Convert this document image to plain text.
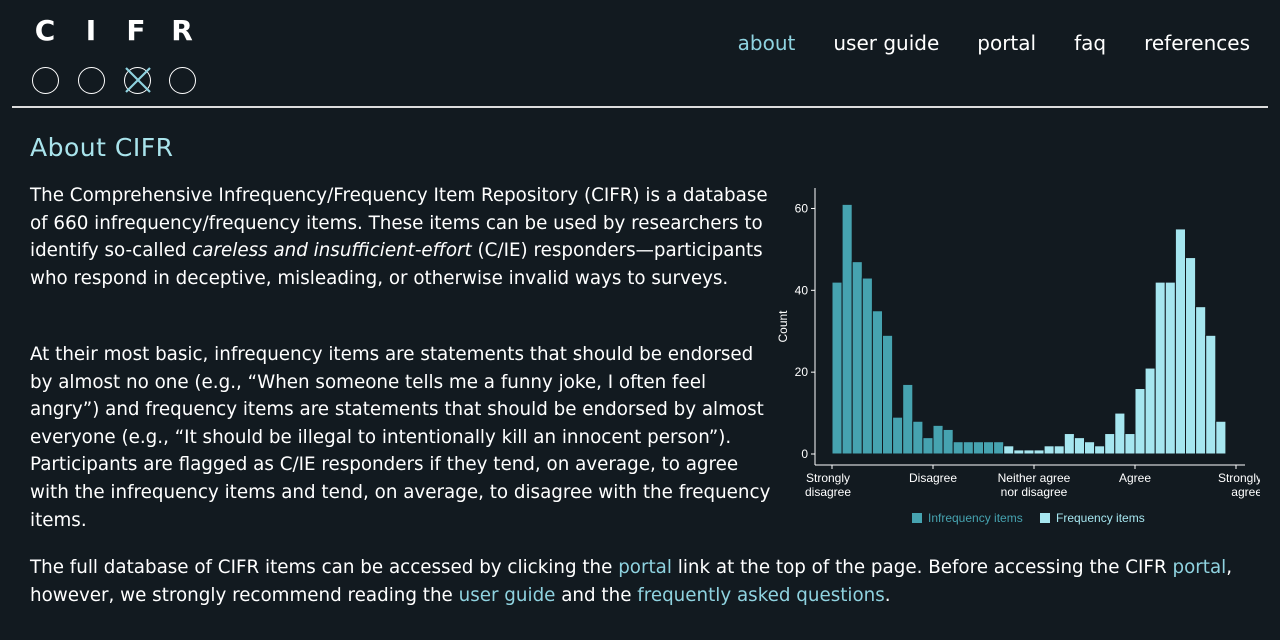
C	I	F R	about user guide portal faq references
About CIFR

The Comprehensive Infrequency/Frequency Item Repository (CIFR) is a database of 660 infrequency/frequency items. These items can be used by researchers to identify so-called careless and insufficient-effort (C/IE) responders—participants who respond in deceptive, misleading, or otherwise invalid ways to surveys.

At their most basic, infrequency items are statements that should be endorsed by almost no one (e.g., “When someone tells me a funny joke, I often feel angry”) and frequency items are statements that should be endorsed by almost everyone (e.g., “It should be illegal to intentionally kill an innocent person”). Participants are flagged as C/IE responders if they tend, on average, to agree with the infrequency items and tend, on average, to disagree with the frequency items.

The full database of CIFR items can be accessed by clicking the portal link at the top of the page. Before accessing the CIFR portal, however, we strongly recommend reading the user guide and the frequently asked questions.

0
20
40
60
Count
Strongly
disagree
Disagree	Neither agree
nor disagree
Agree	Strongly
agree
Infrequency items	Frequency items
